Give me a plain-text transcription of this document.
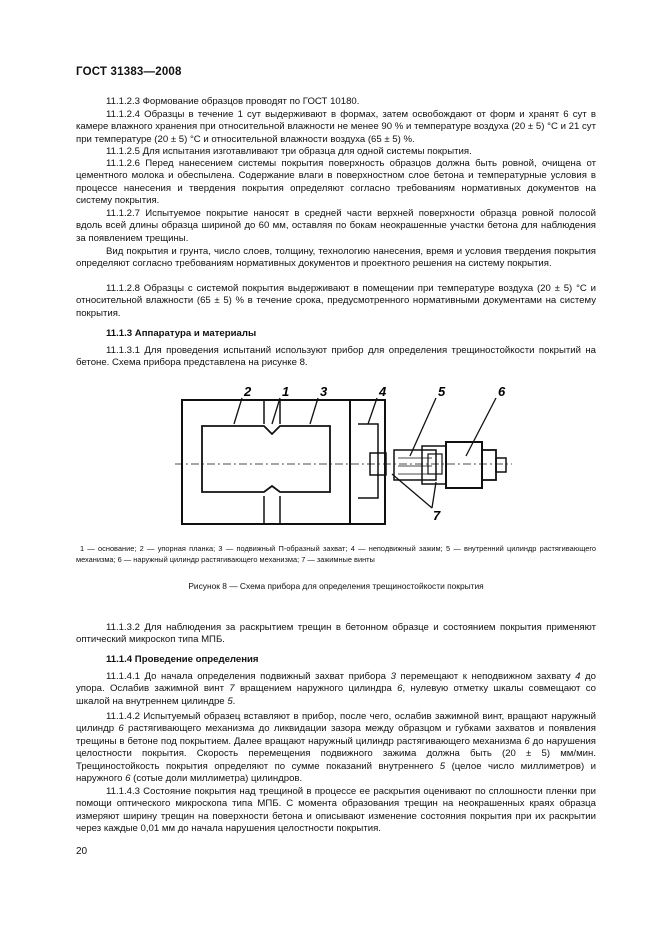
ГОСТ 31383—2008

11.1.2.3 Формование образцов проводят по ГОСТ 10180.

11.1.2.4 Образцы в течение 1 сут выдерживают в формах, затем освобождают от форм и хранят 6 сут в камере влажного хранения при относительной влажности не менее 90 % и температуре воздуха (20 ± 5) °С и 21 сут при температуре (20 ± 5) °С и относительной влажности воздуха (65 ± 5) %.

11.1.2.5 Для испытания изготавливают три образца для одной системы покрытия.

11.1.2.6 Перед нанесением системы покрытия поверхность образцов должна быть ровной, очищена от цементного молока и обеспылена. Содержание влаги в поверхностном слое бетона и температурные условия в процессе нанесения и твердения покрытия определяют согласно требованиям нормативных документов на систему покрытия.

11.1.2.7 Испытуемое покрытие наносят в средней части верхней поверхности образца ровной полосой вдоль всей длины образца шириной до 60 мм, оставляя по бокам неокрашенные участки бетона для наблюдения за появлением трещины.

Вид покрытия и грунта, число слоев, толщину, технологию нанесения, время и условия твердения покрытия определяют согласно требованиям нормативных документов и проектного решения на систему покрытия.

11.1.2.8 Образцы с системой покрытия выдерживают в помещении при температуре воздуха (20 ± 5) °С и относительной влажности (65 ± 5) % в течение срока, предусмотренного нормативными документами на систему покрытия.

11.1.3 Аппаратура и материалы

11.1.3.1 Для проведения испытаний используют прибор для определения трещиностойкости покрытий на бетоне. Схема прибора представлена на рисунке 8.

2 1 3	4	5	6
7
1 — основание; 2 — упорная планка; 3 — подвижный П-образный захват; 4 — неподвижный зажим; 5 — внутренний цилиндр растягивающего механизма; 6 — наружный цилиндр растягивающего механизма; 7 — зажимные винты
Рисунок 8 — Схема прибора для определения трещиностойкости покрытия

11.1.3.2 Для наблюдения за раскрытием трещин в бетонном образце и состоянием покрытия применяют оптический микроскоп типа МПБ.

11.1.4 Проведение определения

11.1.4.1 До начала определения подвижный захват прибора 3 перемещают к неподвижном захвату 4 до упора. Ослабив зажимной винт 7 вращением наружного цилиндра 6, нулевую отметку шкалы совмещают со шкалой на внутреннем цилиндре 5.

11.1.4.2 Испытуемый образец вставляют в прибор, после чего, ослабив зажимной винт, вращают наружный цилиндр 6 растягивающего механизма до ликвидации зазора между образцом и губками захватов и появления трещины в бетоне под покрытием. Далее вращают наружный цилиндр растягивающего механизма 6 до нарушения целостности покрытия. Скорость перемещения подвижного зажима должна быть (20 ± 5) мм/мин. Трещиностойкость покрытия определяют по сумме показаний внутреннего 5 (целое число миллиметров) и наружного 6 (сотые доли миллиметра) цилиндров.

11.1.4.3 Состояние покрытия над трещиной в процессе ее раскрытия оценивают по сплошности пленки при помощи оптического микроскопа типа МПБ. С момента образования трещин на неокрашенных краях образца измеряют ширину трещин на поверхности бетона и описывают изменение состояния покрытия при их раскрытии через каждые 0,01 мм до начала нарушения целостности покрытия.

20
